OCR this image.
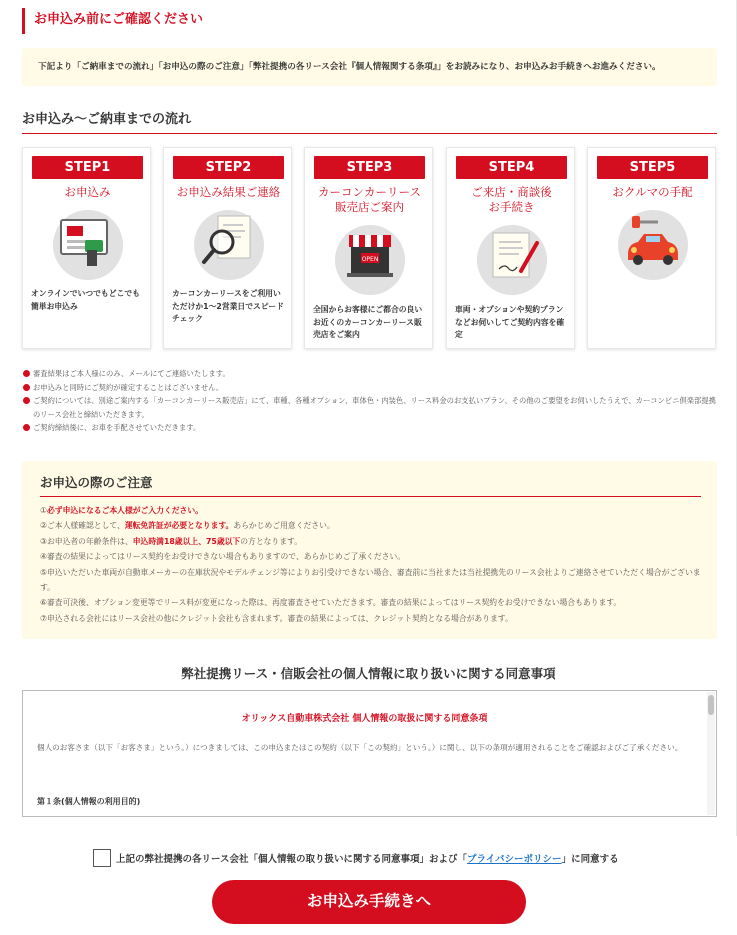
お申込み前にご確認ください
下記より「ご納車までの流れ」「お申込の際のご注意」「弊社提携の各リース会社『個人情報関する条項』」をお読みになり、お申込みお手続きへお進みください。
お申込み〜ご納車までの流れ
STEP1
お申込み
オンラインでいつでもどこでも簡単お申込み
STEP2
お申込み結果ご連絡
カーコンカーリースをご利用いただけか1〜2営業日でスピードチェック
STEP3
カーコンカーリース
販売店ご案内
OPEN
全国からお客様にご都合の良いお近くのカーコンカーリース販売店をご案内
STEP4
ご来店・商談後
お手続き
車両・オプションや契約プランなどお伺いしてご契約内容を確定
STEP5
おクルマの手配
審査結果はご本人様にのみ、メールにてご連絡いたします。
お申込みと同時にご契約が確定することはございません。
ご契約については、別途ご案内する「カーコンカーリース販売店」にて、車種、各種オプション、車体色・内装色、リース料金のお支払いプラン、その他のご要望をお伺いしたうえで、カーコンビニ倶楽部提携のリース会社と締結いただきます。
ご契約締結後に、お車を手配させていただきます。
お申込の際のご注意
①必ず申込になるご本人様がご入力ください。
②ご本人様確認として、運転免許証が必要となります。あらかじめご用意ください。
③お申込者の年齢条件は、申込時満18歳以上、75歳以下の方となります。
④審査の結果によってはリース契約をお受けできない場合もありますので、あらかじめご了承ください。
⑤申込いただいた車両が自動車メーカーの在庫状況やモデルチェンジ等によりお引受けできない場合、審査前に当社または当社提携先のリース会社よりご連絡させていただく場合がございます。
⑥審査可決後、オプション変更等でリース料が変更になった際は、再度審査させていただきます。審査の結果によってはリース契約をお受けできない場合もあります。
⑦申込される会社にはリース会社の他にクレジット会社も含まれます。審査の結果によっては、クレジット契約となる場合があります。
弊社提携リース・信販会社の個人情報に取り扱いに関する同意事項
オリックス自動車株式会社 個人情報の取扱に関する同意条項
個人のお客さま（以下「お客さま」という。）につきましては、この申込またはこの契約（以下「この契約」という。）に関し、以下の条項が適用されることをご確認およびご了承ください。
第１条(個人情報の利用目的)
上記の弊社提携の各リース会社「個人情報の取り扱いに関する同意事項」および「 プライバシーポリシー 」に同意する
お申込み手続きへ
